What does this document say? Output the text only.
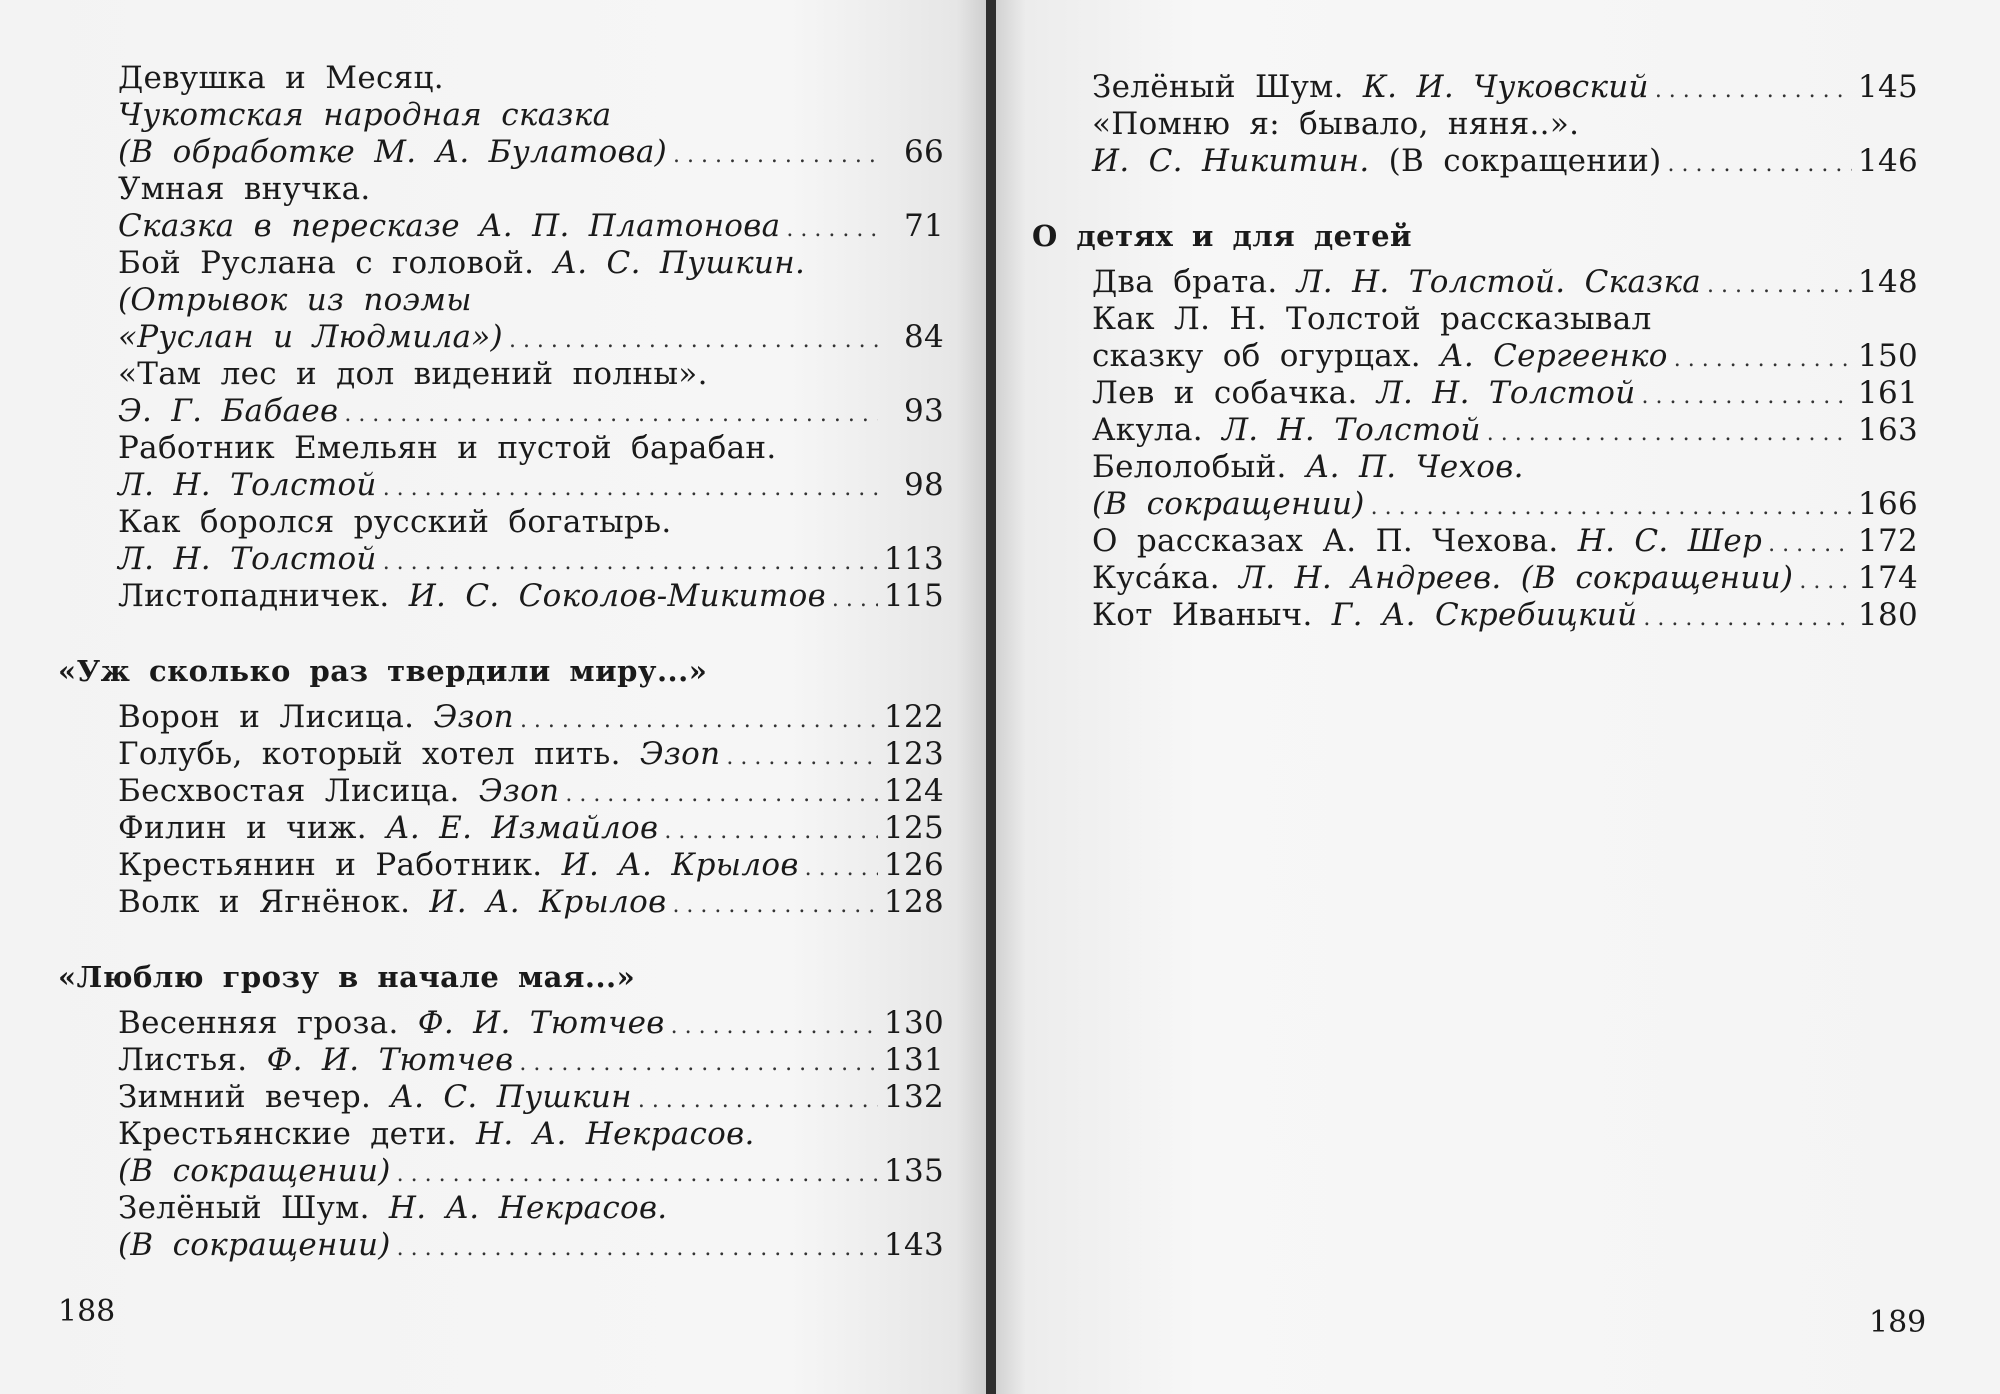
Девушка и Месяц.
Чукотская народная сказка
(В обработке М. А. Булатова) . . .	66
Умная внучка.
Сказка в пересказе А. П. Платонова . . .	71
Бой Руслана с головой. А. С. Пушкин.
(Отрывок из поэмы
«Руслан и Людмила») . . .	84
«Там лес и дол видений полны».
Э. Г. Бабаев . . .	93
Работник Емельян и пустой барабан.
Л. Н. Толстой . . .	98
Как боролся русский богатырь.
Л. Н. Толстой . . .	113
Листопадничек. И. С. Соколов-Микитов . . . 115
«Уж сколько раз твердили миру...»
Ворон и Лисица. Эзоп . . .	122
Голубь, который хотел пить. Эзоп . . .	123
Бесхвостая Лисица. Эзоп . . .	124
Филин и чиж. А. Е. Измайлов . . .	125
Крестьянин и Работник. И. А. Крылов . . .	126
Волк и Ягнёнок. И. А. Крылов . . .	128
«Люблю грозу в начале мая...»
Весенняя гроза. Ф. И. Тютчев . . .	130
Листья. Ф. И. Тютчев . . .	131
Зимний вечер. А. С. Пушкин . . .	132
Крестьянские дети. Н. А. Некрасов.
(В сокращении) . . .	135
Зелёный Шум. Н. А. Некрасов.
(В сокращении) . . .	143
188
Зелёный Шум. К. И. Чуковский . . .	145
«Помню я: бывало, няня..».
И. С. Никитин. (В сокращении) . . .	146
О детях и для детей
Два брата. Л. Н. Толстой. Сказка . . .	148
Как Л. Н. Толстой рассказывал
сказку об огурцах. А. Сергеенко . . .	150
Лев и собачка. Л. Н. Толстой . . .	161
Акула. Л. Н. Толстой . . .	163
Белолобый. А. П. Чехов.
(В сокращении) . . .	166
О рассказах А. П. Чехова. Н. С. Шер . . .	172
Куса́ка. Л. Н. Андреев. (В сокращении) . . . 174
Кот Иваныч. Г. А. Скребицкий . . .	180
189
